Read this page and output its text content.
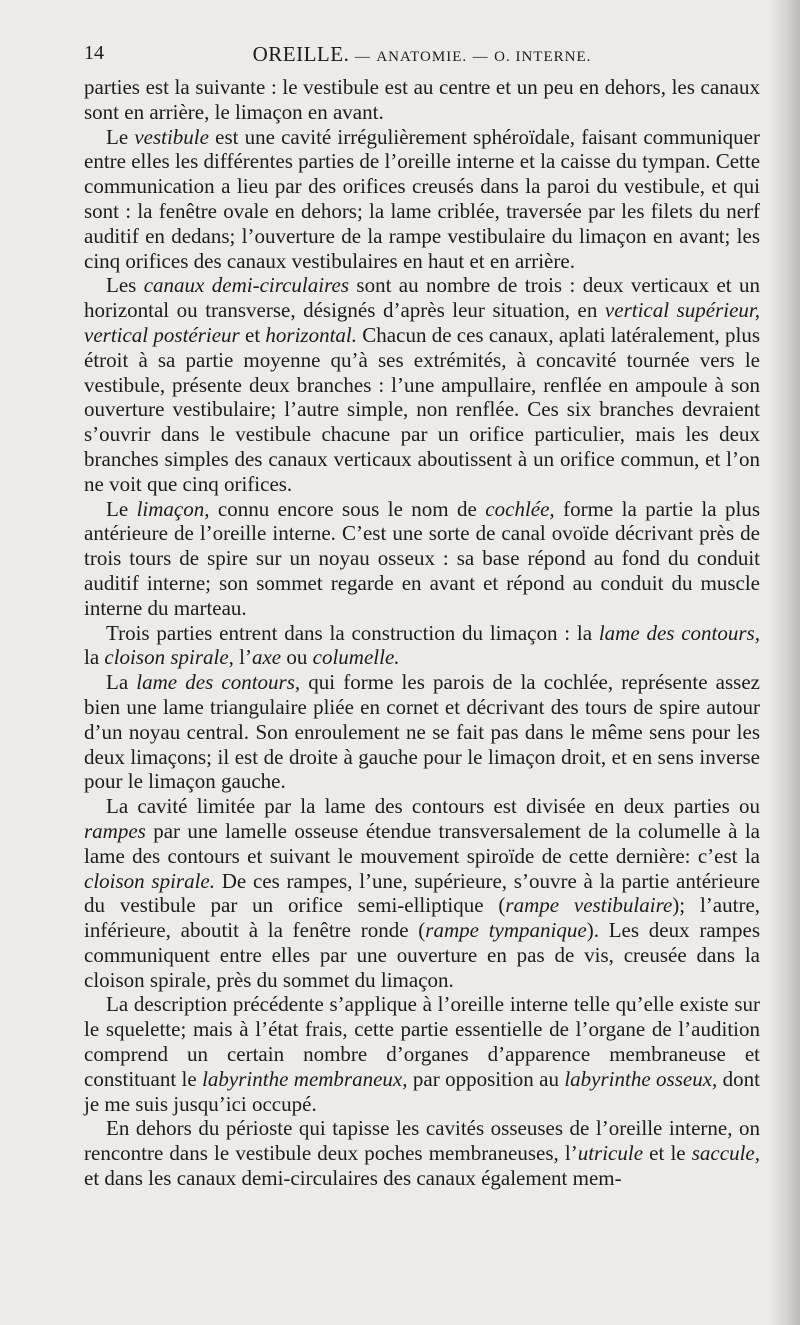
14	OREILLE. — ANATOMIE. — O. INTERNE.

parties est la suivante : le vestibule est au centre et un peu en dehors, les canaux sont en arrière, le limaçon en avant.

Le vestibule est une cavité irrégulièrement sphéroïdale, faisant communiquer entre elles les différentes parties de l’oreille interne et la caisse du tympan. Cette communication a lieu par des orifices creusés dans la paroi du vestibule, et qui sont : la fenêtre ovale en dehors; la lame criblée, traversée par les filets du nerf auditif en dedans; l’ouverture de la rampe vestibulaire du limaçon en avant; les cinq orifices des canaux vestibulaires en haut et en arrière.

Les canaux demi-circulaires sont au nombre de trois : deux verticaux et un horizontal ou transverse, désignés d’après leur situation, en vertical supérieur, vertical postérieur et horizontal. Chacun de ces canaux, aplati latéralement, plus étroit à sa partie moyenne qu’à ses extrémités, à concavité tournée vers le vestibule, présente deux branches : l’une ampullaire, renflée en ampoule à son ouverture vestibulaire; l’autre simple, non renflée. Ces six branches devraient s’ouvrir dans le vestibule chacune par un orifice particulier, mais les deux branches simples des canaux verticaux aboutissent à un orifice commun, et l’on ne voit que cinq orifices.

Le limaçon, connu encore sous le nom de cochlée, forme la partie la plus antérieure de l’oreille interne. C’est une sorte de canal ovoïde décrivant près de trois tours de spire sur un noyau osseux : sa base répond au fond du conduit auditif interne; son sommet regarde en avant et répond au conduit du muscle interne du marteau.

Trois parties entrent dans la construction du limaçon : la lame des contours, la cloison spirale, l’axe ou columelle.

La lame des contours, qui forme les parois de la cochlée, représente assez bien une lame triangulaire pliée en cornet et décrivant des tours de spire autour d’un noyau central. Son enroulement ne se fait pas dans le même sens pour les deux limaçons; il est de droite à gauche pour le limaçon droit, et en sens inverse pour le limaçon gauche.

La cavité limitée par la lame des contours est divisée en deux parties ou rampes par une lamelle osseuse étendue transversalement de la columelle à la lame des contours et suivant le mouvement spiroïde de cette dernière: c’est la cloison spirale. De ces rampes, l’une, supérieure, s’ouvre à la partie antérieure du vestibule par un orifice semi-elliptique (rampe vestibulaire); l’autre, inférieure, aboutit à la fenêtre ronde (rampe tympanique). Les deux rampes communiquent entre elles par une ouverture en pas de vis, creusée dans la cloison spirale, près du sommet du limaçon.

La description précédente s’applique à l’oreille interne telle qu’elle existe sur le squelette; mais à l’état frais, cette partie essentielle de l’organe de l’audition comprend un certain nombre d’organes d’apparence membraneuse et constituant le labyrinthe membraneux, par opposition au labyrinthe osseux, dont je me suis jusqu’ici occupé.

En dehors du périoste qui tapisse les cavités osseuses de l’oreille interne, on rencontre dans le vestibule deux poches membraneuses, l’utricule et le saccule, et dans les canaux demi-circulaires des canaux également mem-
